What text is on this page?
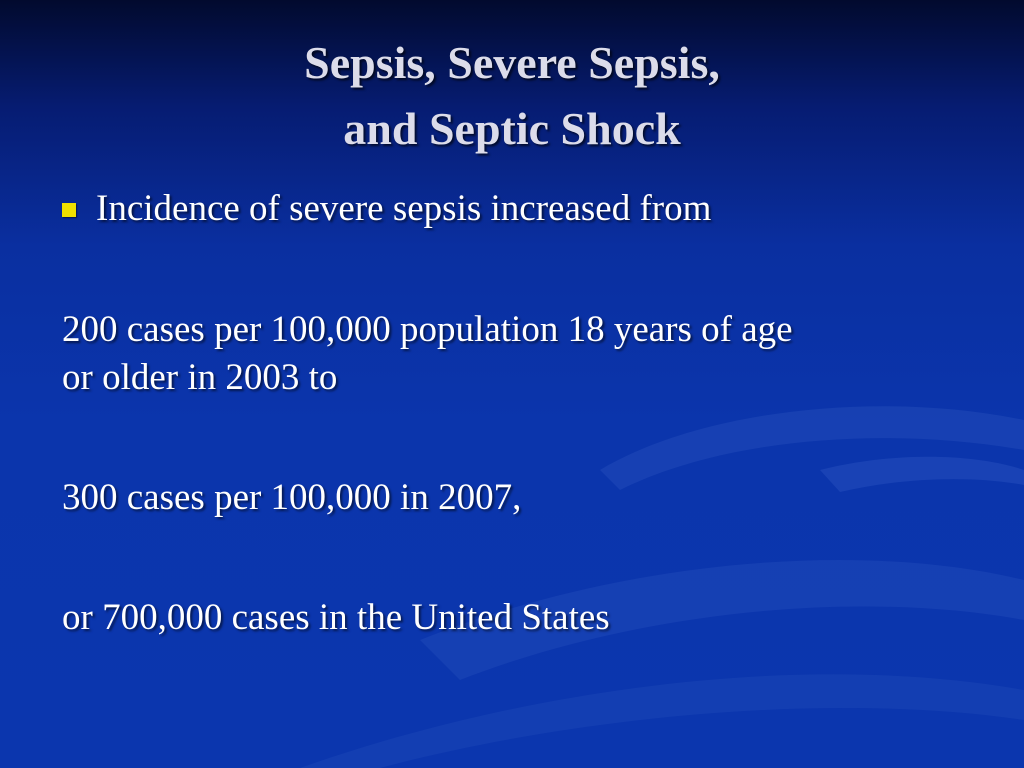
Sepsis, Severe Sepsis,
and Septic Shock
Incidence of severe sepsis increased from
200 cases per 100,000 population 18 years of age
or older in 2003 to
300 cases per 100,000 in 2007,
or 700,000 cases in the United States
